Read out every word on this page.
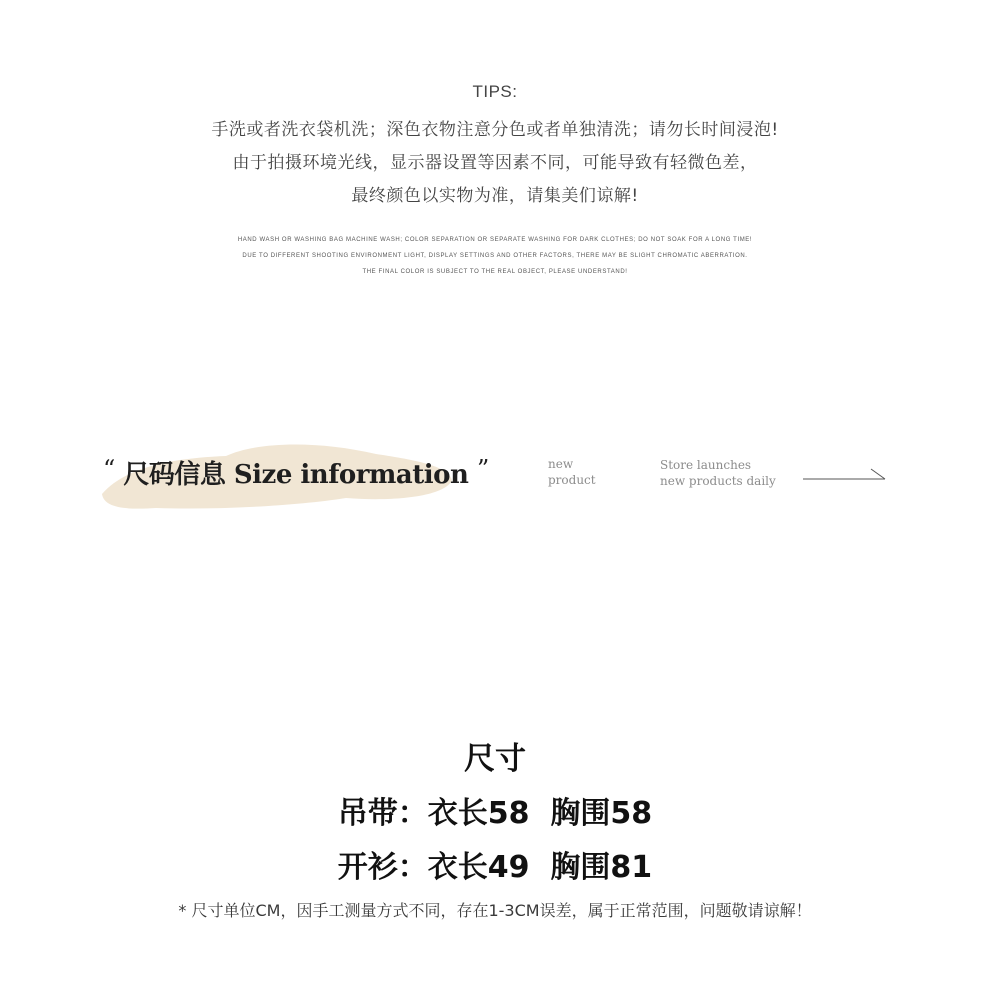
TIPS:
手洗或者洗衣袋机洗；深色衣物注意分色或者单独清洗；请勿长时间浸泡!
由于拍摄环境光线，显示器设置等因素不同，可能导致有轻微色差，
最终颜色以实物为准，请集美们谅解!
HAND WASH OR WASHING BAG MACHINE WASH; COLOR SEPARATION OR SEPARATE WASHING FOR DARK CLOTHES; DO NOT SOAK FOR A LONG TIME!
DUE TO DIFFERENT SHOOTING ENVIRONMENT LIGHT, DISPLAY SETTINGS AND OTHER FACTORS, THERE MAY BE SLIGHT CHROMATIC ABERRATION.
THE FINAL COLOR IS SUBJECT TO THE REAL OBJECT, PLEASE UNDERSTAND!
“ 尺码信息 Size information ”	new
product
Store launches
new products daily
尺寸
吊带：衣长58  胸围58
开衫：衣长49  胸围81
* 尺寸单位CM，因手工测量方式不同，存在1-3CM误差，属于正常范围，问题敬请谅解！
